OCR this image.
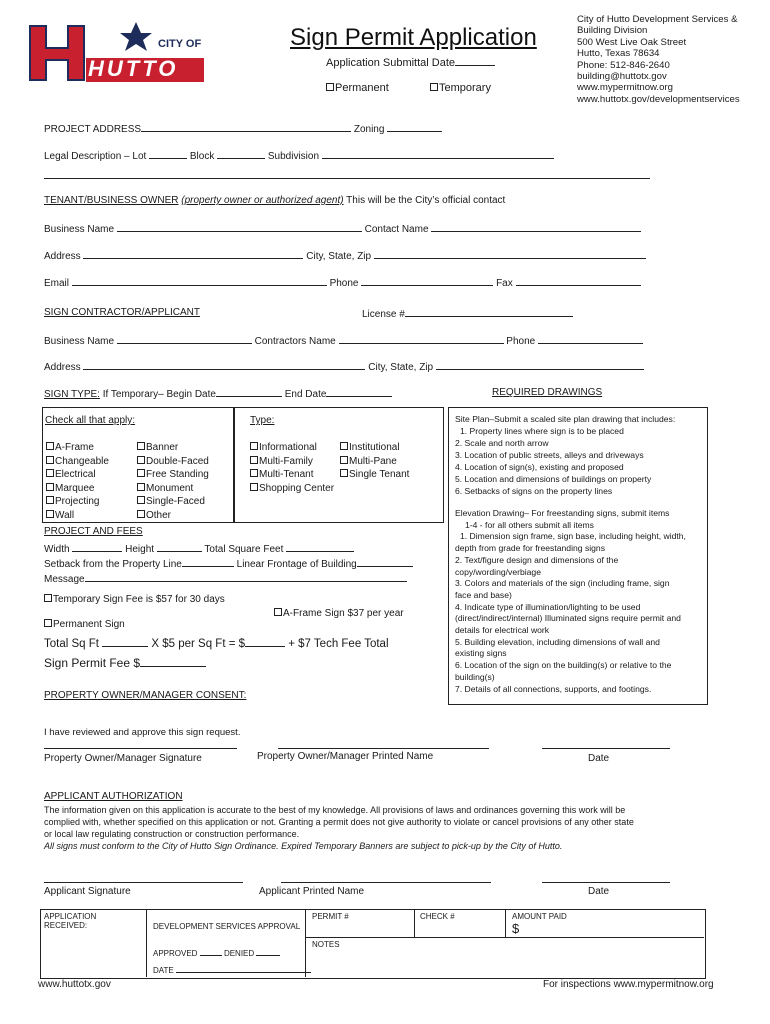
CITY OF
HUTTO
Sign Permit Application
Application Submittal Date
Permanent	Temporary
City of Hutto Development Services &
Building Division
500 West Live Oak Street
Hutto, Texas 78634
Phone: 512-846-2640
building@huttotx.gov
www.mypermitnow.org
www.huttotx.gov/developmentservices
PROJECT ADDRESS	Zoning
Legal Description – Lot	Block	Subdivision
TENANT/BUSINESS OWNER (property owner or authorized agent) This will be the City’s official contact
Business Name	Contact Name
Address	City, State, Zip
Email	Phone	Fax
SIGN CONTRACTOR/APPLICANT	License #
Business Name	Contractors Name	Phone
Address	City, State, Zip
SIGN TYPE: If Temporary– Begin Date	End Date	REQUIRED DRAWINGS
Check all that apply:
A-Frame
Changeable
Electrical
Marquee
Projecting
Wall
Banner
Double-Faced
Free Standing
Monument
Single-Faced
Other
Type:
Informational
Multi-Family
Multi-Tenant
Shopping Center
Institutional
Multi-Pane
Single Tenant
Site Plan–Submit a scaled site plan drawing that includes:
1. Property lines where sign is to be placed
2. Scale and north arrow
3. Location of public streets, alleys and driveways
4. Location of sign(s), existing and proposed
5. Location and dimensions of buildings on property
6. Setbacks of signs on the property lines
Elevation Drawing– For freestanding signs, submit items
1-4 - for all others submit all items
1. Dimension sign frame, sign base, including height, width,
depth from grade for freestanding signs
2. Text/figure design and dimensions of the
copy/wording/verbiage
3. Colors and materials of the sign (including frame, sign
face and base)
4. Indicate type of illumination/lighting to be used
(direct/indirect/internal) Illuminated signs require permit and
details for electrical work
5. Building elevation, including dimensions of wall and
existing signs
6. Location of the sign on the building(s) or relative to the
building(s)
7. Details of all connections, supports, and footings.
PROJECT AND FEES
Width	Height	Total Square Feet
Setback from the Property Line	Linear Frontage of Building
Message
Temporary Sign Fee is $57 for 30 days
A-Frame Sign $37 per year
Permanent Sign
Total Sq Ft	X $5 per Sq Ft = $	+ $7 Tech Fee Total
Sign Permit Fee $
PROPERTY OWNER/MANAGER CONSENT:
I have reviewed and approve this sign request.
Property Owner/Manager Signature	Property Owner/Manager Printed Name	Date
APPLICANT AUTHORIZATION
The information given on this application is accurate to the best of my knowledge. All provisions of laws and ordinances governing this work will be
complied with, whether specified on this application or not. Granting a permit does not give authority to violate or cancel provisions of any other state
or local law regulating construction or construction performance.
All signs must conform to the City of Hutto Sign Ordinance. Expired Temporary Banners are subject to pick-up by the City of Hutto.
Applicant Signature	Applicant Printed Name	Date
APPLICATION RECEIVED:	DEVELOPMENT SERVICES APPROVAL
APPROVED	DENIED
DATE
PERMIT #	CHECK #	AMOUNT PAID
$
NOTES
www.huttotx.gov	For inspections www.mypermitnow.org
